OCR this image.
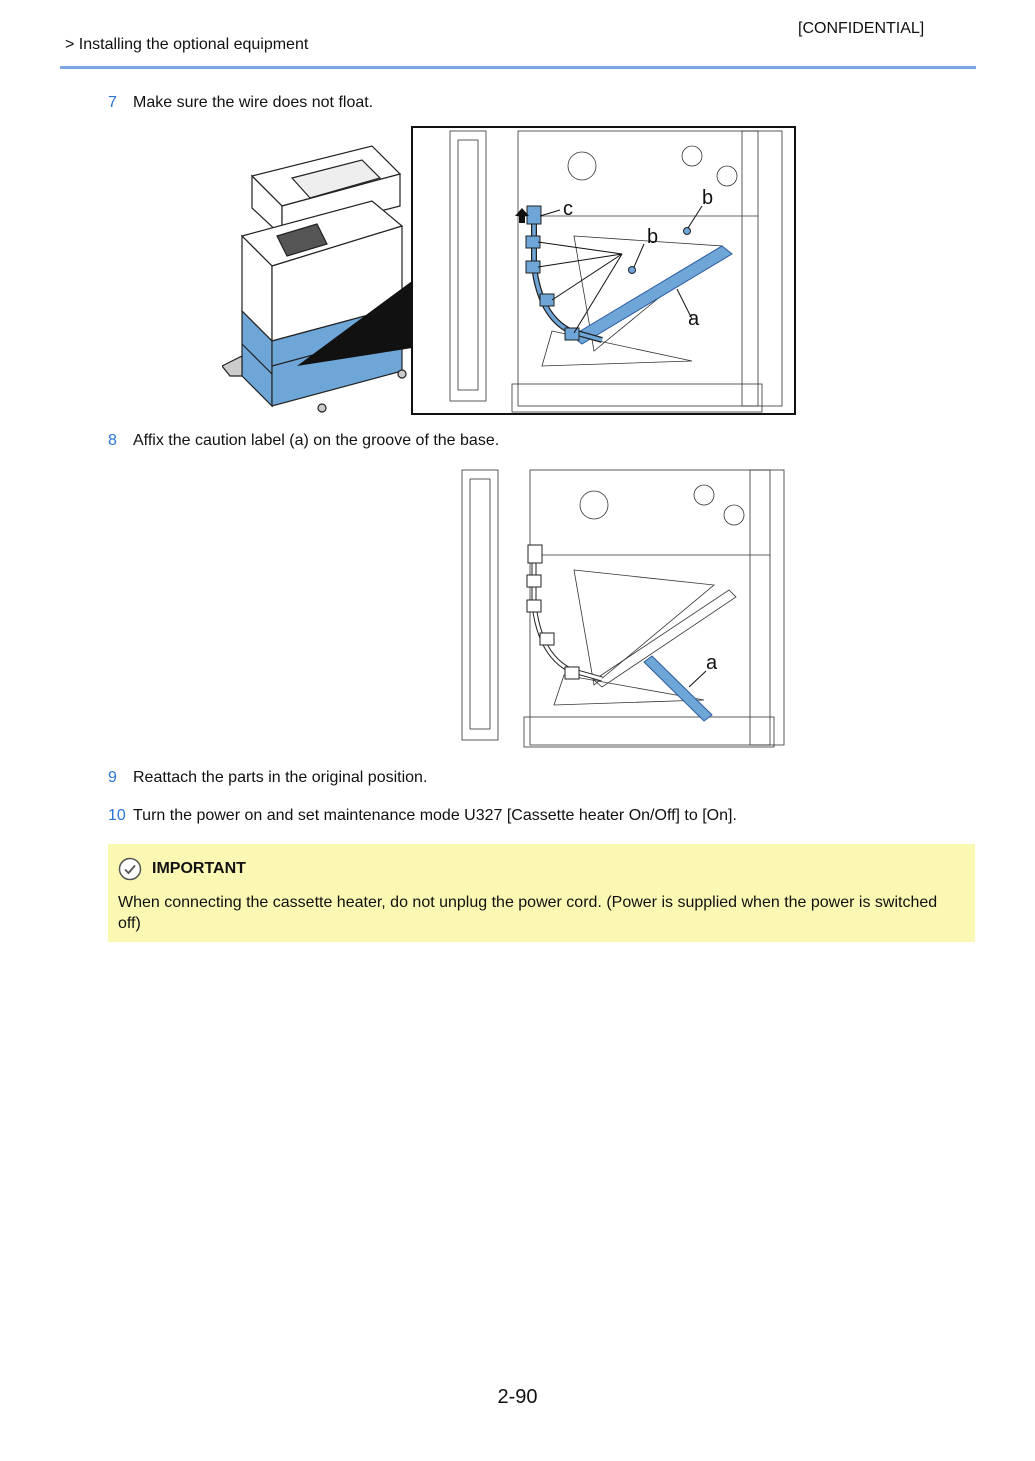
[CONFIDENTIAL]
> Installing the optional equipment
7 Make sure the wire does not float.
c
b
b
a
8 Affix the caution label (a) on the groove of the base.
a
9 Reattach the parts in the original position.
10 Turn the power on and set maintenance mode U327 [Cassette heater On/Off] to [On].
IMPORTANT
When connecting the cassette heater, do not unplug the power cord. (Power is supplied when the power is switched off)
2-90
